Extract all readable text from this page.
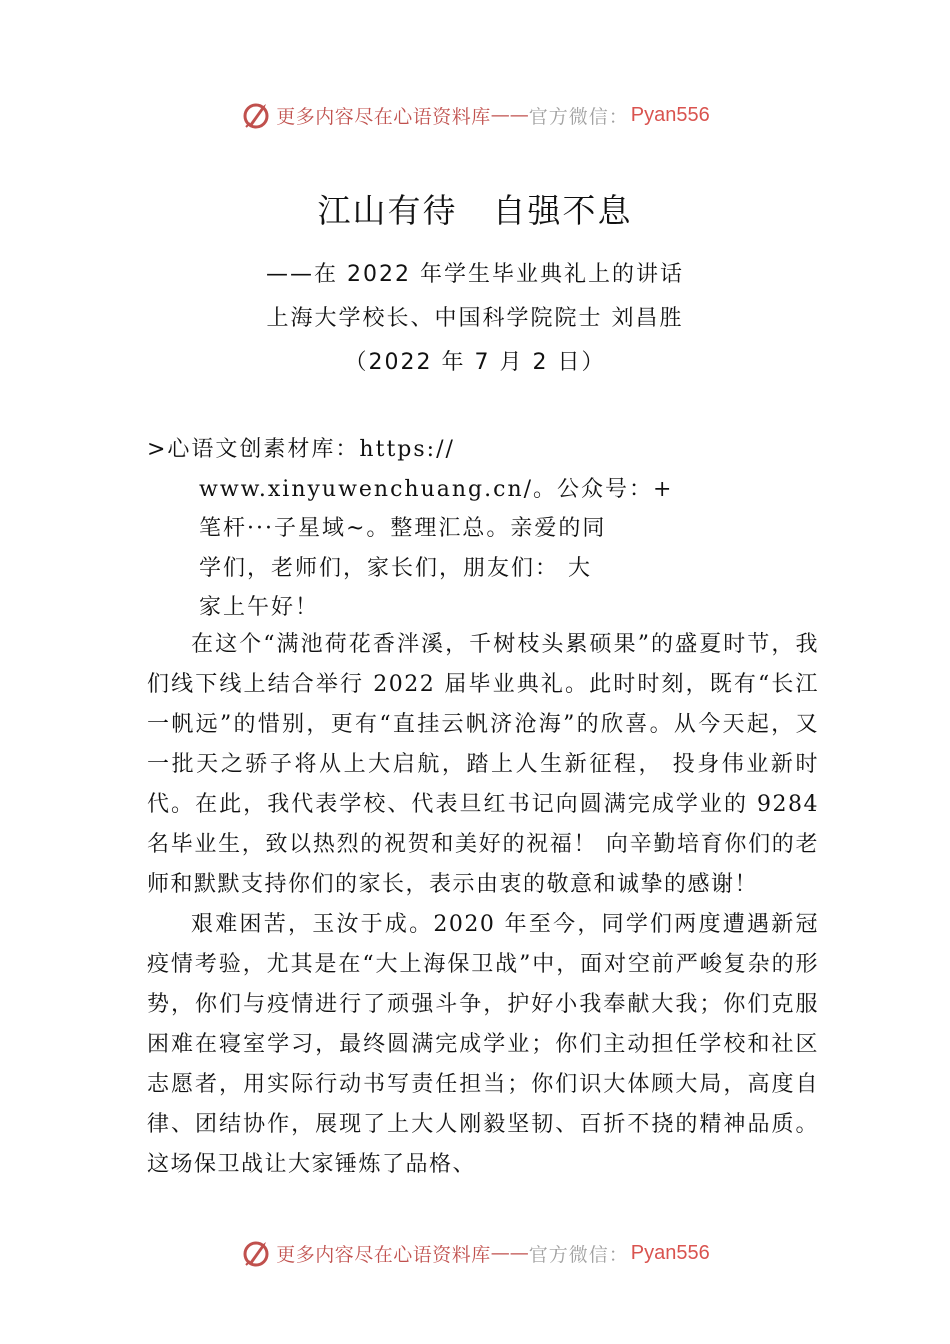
更多内容尽在心语资料库 —— 官方微信： Pyan556
江山有待　自强不息
——在 2022 年学生毕业典礼上的讲话
上海大学校长、中国科学院院士 刘昌胜
（2022 年 7 月 2 日）
>心语文创素材库：https://
www.xinyuwenchuang.cn/。公众号：+
笔杆···子星域~。整理汇总。亲爱的同
学们，老师们，家长们，朋友们： 大
家上午好！

在这个“满池荷花香泮溪，千树枝头累硕果”的盛夏时节，我们线下线上结合举行 2022 届毕业典礼。此时时刻，既有“长江一帆远”的惜别，更有“直挂云帆济沧海”的欣喜。从今天起，又一批天之骄子将从上大启航，踏上人生新征程， 投身伟业新时代。在此，我代表学校、代表旦红书记向圆满完成学业的 9284 名毕业生，致以热烈的祝贺和美好的祝福！ 向辛勤培育你们的老师和默默支持你们的家长，表示由衷的敬意和诚挚的感谢！

艰难困苦，玉汝于成。2020 年至今，同学们两度遭遇新冠疫情考验，尤其是在“大上海保卫战”中，面对空前严峻复杂的形势，你们与疫情进行了顽强斗争，护好小我奉献大我；你们克服困难在寝室学习，最终圆满完成学业；你们主动担任学校和社区志愿者，用实际行动书写责任担当；你们识大体顾大局，高度自律、团结协作，展现了上大人刚毅坚韧、百折不挠的精神品质。这场保卫战让大家锤炼了品格、

更多内容尽在心语资料库 —— 官方微信： Pyan556
